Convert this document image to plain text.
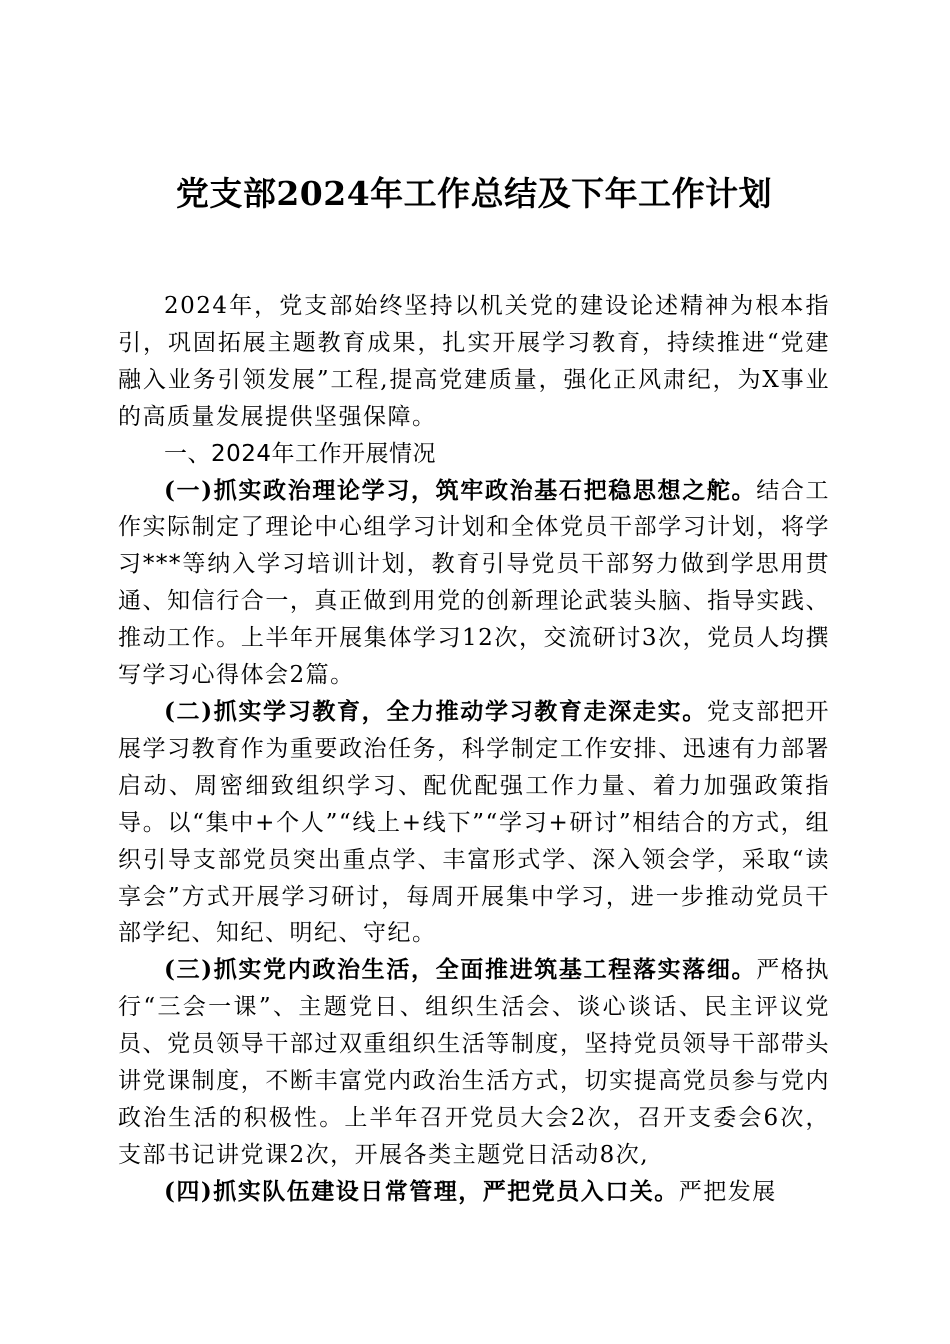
党支部2024年工作总结及下年工作计划

2024年，党支部始终坚持以机关党的建设论述精神为根本指引，巩固拓展主题教育成果，扎实开展学习教育，持续推进“党建融入业务引领发展”工程,提高党建质量，强化正风肃纪，为X事业的高质量发展提供坚强保障。

一、2024年工作开展情况

(一)抓实政治理论学习，筑牢政治基石把稳思想之舵。结合工作实际制定了理论中心组学习计划和全体党员干部学习计划，将学习***等纳入学习培训计划，教育引导党员干部努力做到学思用贯通、知信行合一，真正做到用党的创新理论武装头脑、指导实践、推动工作。上半年开展集体学习12次，交流研讨3次，党员人均撰写学习心得体会2篇。

(二)抓实学习教育，全力推动学习教育走深走实。党支部把开展学习教育作为重要政治任务，科学制定工作安排、迅速有力部署启动、周密细致组织学习、配优配强工作力量、着力加强政策指导。以“集中+个人”“线上+线下”“学习+研讨”相结合的方式，组织引导支部党员突出重点学、丰富形式学、深入领会学，采取“读享会”方式开展学习研讨，每周开展集中学习，进一步推动党员干部学纪、知纪、明纪、守纪。

(三)抓实党内政治生活，全面推进筑基工程落实落细。严格执行“三会一课”、主题党日、组织生活会、谈心谈话、民主评议党员、党员领导干部过双重组织生活等制度，坚持党员领导干部带头讲党课制度，不断丰富党内政治生活方式，切实提高党员参与党内政治生活的积极性。上半年召开党员大会2次，召开支委会6次，支部书记讲党课2次，开展各类主题党日活动8次,

(四)抓实队伍建设日常管理，严把党员入口关。严把发展
